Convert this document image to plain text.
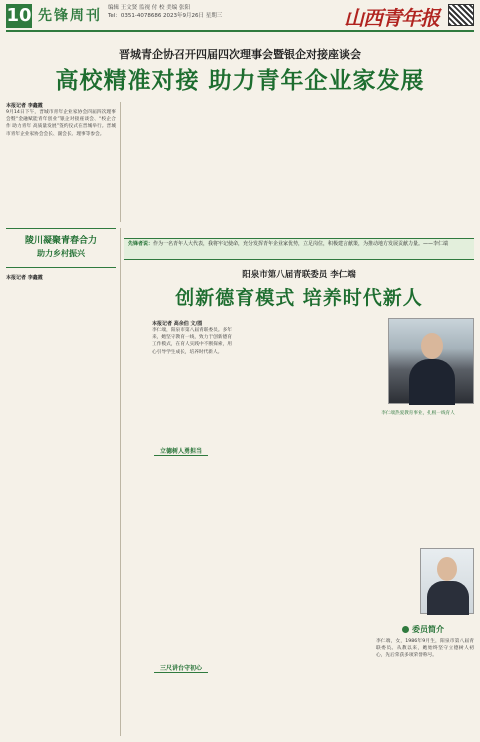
10 先锋周刊 编辑 王文贤 监视 付 校 美编 张阳
Tel：0351-4078686 2023年9月26日 星期三	山西青年报
晋城青企协召开四届四次理事会暨银企对接座谈会
高校精准对接 助力青年企业家发展
本报记者 李鑫霞
9月14日下午，晋城市青年企业家协会四届四次理事会暨“金融赋能青年创业”银企对接座谈会、“校企合作 助力青年 高质量发展”签约仪式在晋城举行。晋城市青年企业家协会会长、副会长、理事等参会。
陵川凝聚青春合力
助力乡村振兴
本报记者 李鑫霞
先锋者说：作为一名青年人大代表，我将牢记使命，充分发挥青年企业家优势，立足岗位，积极建言献策，为推动地方发展贡献力量。——李仁端
阳泉市第八届青联委员 李仁端
创新德育模式 培养时代新人
本报记者 高余伯 文/图
李仁端，阳泉市第八届青联委员。多年来，她坚守教育一线，致力于创新德育工作模式，在育人实践中不断探索，用心引导学生成长，培养时代新人。
李仁端热爱教育事业，扎根一线育人
立德树人勇担当
三尺讲台守初心
委员简介
李仁端，女，1986年9月生，阳泉市第八届青联委员。从教以来，她始终坚守立德树人初心，先后荣获多项荣誉称号。
